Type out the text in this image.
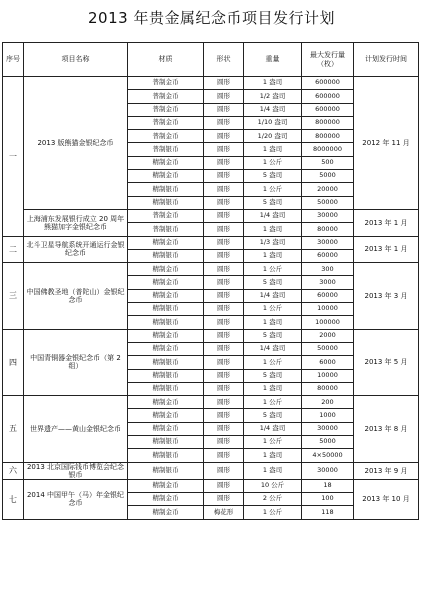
2013 年贵金属纪念币项目发行计划
序号	项目名称	材质	形状	重量	最大发行量（枚）	计划发行时间
一	2013 版熊猫金银纪念币	普制金币	圆形	1 盎司	600000	2012 年 11 月
		普制金币	圆形	1/2 盎司	600000	
		普制金币	圆形	1/4 盎司	600000	
		普制金币	圆形	1/10 盎司	800000	
		普制金币	圆形	1/20 盎司	800000	
		普制银币	圆形	1 盎司	8000000	
		精制金币	圆形	1 公斤	500	
		精制金币	圆形	5 盎司	5000	
		精制银币	圆形	1 公斤	20000	
		精制银币	圆形	5 盎司	50000	
	上海浦东发展银行成立 20 周年熊猫加字金银纪念币	普制金币	圆形	1/4 盎司	30000	2013 年 1 月
		普制银币	圆形	1 盎司	80000	
二	北斗卫星导航系统开通运行金银纪念币	精制金币	圆形	1/3 盎司	30000	2013 年 1 月
		精制银币	圆形	1 盎司	60000	
三	中国佛教圣地（普陀山）金银纪念币	精制金币	圆形	1 公斤	300	2013 年 3 月
		精制金币	圆形	5 盎司	3000	
		精制金币	圆形	1/4 盎司	60000	
		精制银币	圆形	1 公斤	10000	
		精制银币	圆形	1 盎司	100000	
四	中国青铜器金银纪念币（第 2 组）	精制金币	圆形	5 盎司	2000	2013 年 5 月
		精制金币	圆形	1/4 盎司	50000	
		精制银币	圆形	1 公斤	6000	
		精制银币	圆形	5 盎司	10000	
		精制银币	圆形	1 盎司	80000	
五	世界遗产——黄山金银纪念币	精制金币	圆形	1 公斤	200	2013 年 8 月
		精制金币	圆形	5 盎司	1000	
		精制金币	圆形	1/4 盎司	30000	
		精制银币	圆形	1 公斤	5000	
		精制银币	圆形	1 盎司	4×50000	
六	2013 北京国际钱币博览会纪念银币	精制银币	圆形	1 盎司	30000	2013 年 9 月
七	2014 中国甲午（马）年金银纪念币	精制金币	圆形	10 公斤	18	2013 年 10 月
		精制金币	圆形	2 公斤	100	
		精制金币	梅花形	1 公斤	118	
